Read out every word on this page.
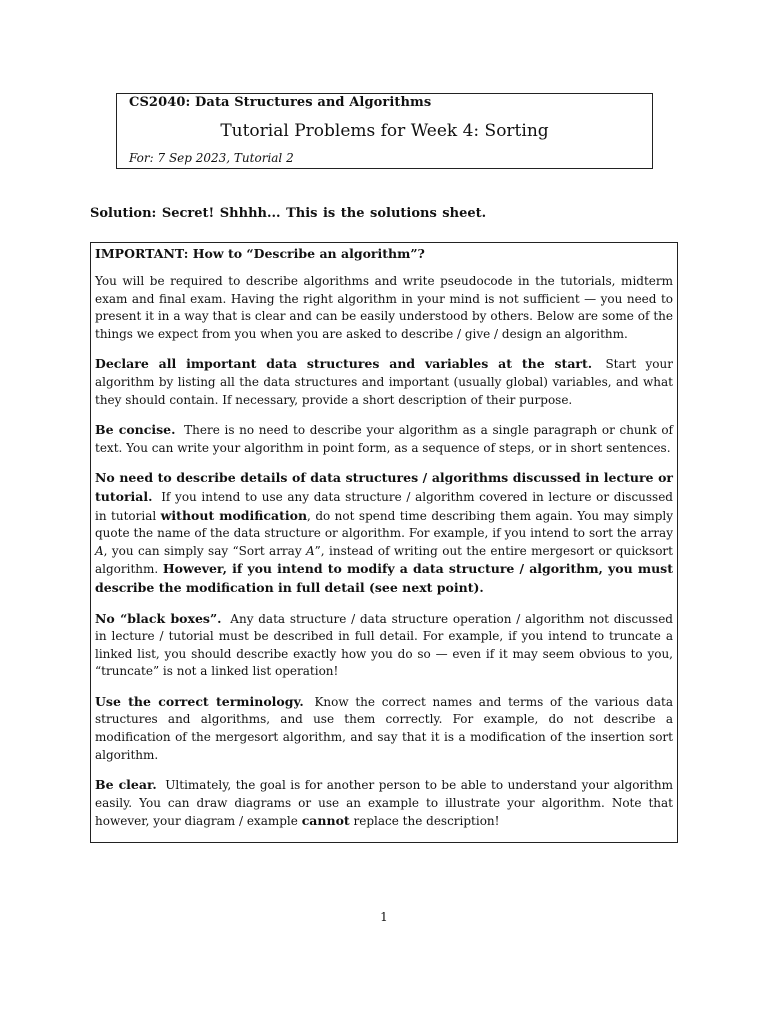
CS2040: Data Structures and Algorithms
Tutorial Problems for Week 4: Sorting
For: 7 Sep 2023, Tutorial 2
Solution: Secret! Shhhh... This is the solutions sheet.
IMPORTANT: How to “Describe an algorithm”?

You will be required to describe algorithms and write pseudocode in the tutorials, midterm exam and final exam. Having the right algorithm in your mind is not sufficient — you need to present it in a way that is clear and can be easily understood by others. Below are some of the things we expect from you when you are asked to describe / give / design an algorithm.

Declare all important data structures and variables at the start. Start your algorithm by listing all the data structures and important (usually global) variables, and what they should contain. If necessary, provide a short description of their purpose.

Be concise. There is no need to describe your algorithm as a single paragraph or chunk of text. You can write your algorithm in point form, as a sequence of steps, or in short sentences.

No need to describe details of data structures / algorithms discussed in lecture or tutorial. If you intend to use any data structure / algorithm covered in lecture or discussed in tutorial without modification, do not spend time describing them again. You may simply quote the name of the data structure or algorithm. For example, if you intend to sort the array A, you can simply say “Sort array A”, instead of writing out the entire mergesort or quicksort algorithm. However, if you intend to modify a data structure / algorithm, you must describe the modification in full detail (see next point).

No “black boxes”. Any data structure / data structure operation / algorithm not discussed in lecture / tutorial must be described in full detail. For example, if you intend to truncate a linked list, you should describe exactly how you do so — even if it may seem obvious to you, “truncate” is not a linked list operation!

Use the correct terminology. Know the correct names and terms of the various data structures and algorithms, and use them correctly. For example, do not describe a modification of the mergesort algorithm, and say that it is a modification of the insertion sort algorithm.

Be clear. Ultimately, the goal is for another person to be able to understand your algorithm easily. You can draw diagrams or use an example to illustrate your algorithm. Note that however, your diagram / example cannot replace the description!

1
